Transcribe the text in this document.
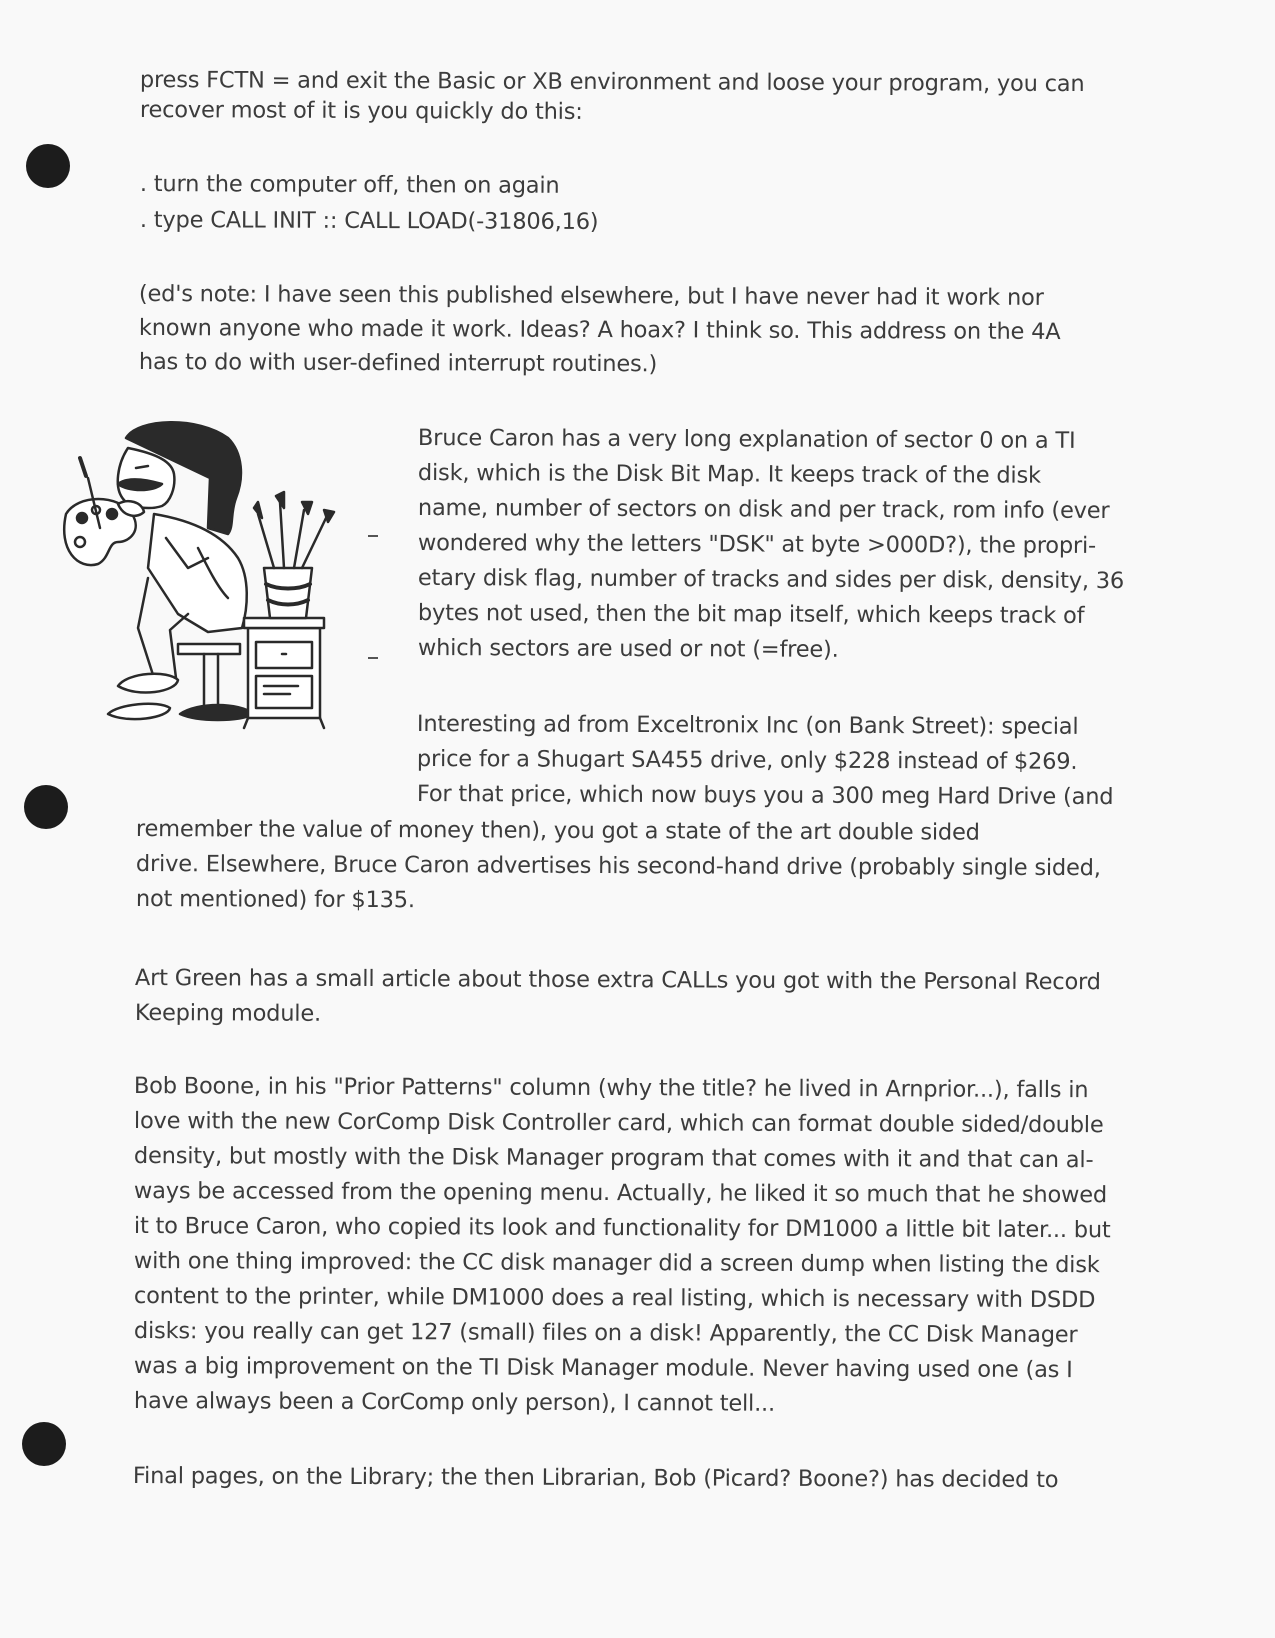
press FCTN = and exit the Basic or XB environment and loose your program, you can
recover most of it is you quickly do this:
. turn the computer off, then on again
. type CALL INIT :: CALL LOAD(-31806,16)
(ed's note: I have seen this published elsewhere, but I have never had it work nor
known anyone who made it work. Ideas? A hoax? I think so. This address on the 4A
has to do with user-defined interrupt routines.)
Bruce Caron has a very long explanation of sector 0 on a TI
disk, which is the Disk Bit Map. It keeps track of the disk
name, number of sectors on disk and per track, rom info (ever
wondered why the letters "DSK" at byte >000D?), the propri-
etary disk flag, number of tracks and sides per disk, density, 36
bytes not used, then the bit map itself, which keeps track of
which sectors are used or not (=free).
Interesting ad from Exceltronix Inc (on Bank Street): special
price for a Shugart SA455 drive, only $228 instead of $269.
For that price, which now buys you a 300 meg Hard Drive (and
remember the value of money then), you got a state of the art double sided
drive. Elsewhere, Bruce Caron advertises his second-hand drive (probably single sided,
not mentioned) for $135.
Art Green has a small article about those extra CALLs you got with the Personal Record
Keeping module.
Bob Boone, in his "Prior Patterns" column (why the title? he lived in Arnprior...), falls in
love with the new CorComp Disk Controller card, which can format double sided/double
density, but mostly with the Disk Manager program that comes with it and that can al-
ways be accessed from the opening menu. Actually, he liked it so much that he showed
it to Bruce Caron, who copied its look and functionality for DM1000 a little bit later... but
with one thing improved: the CC disk manager did a screen dump when listing the disk
content to the printer, while DM1000 does a real listing, which is necessary with DSDD
disks: you really can get 127 (small) files on a disk! Apparently, the CC Disk Manager
was a big improvement on the TI Disk Manager module. Never having used one (as I
have always been a CorComp only person), I cannot tell...
Final pages, on the Library; the then Librarian, Bob (Picard? Boone?) has decided to
